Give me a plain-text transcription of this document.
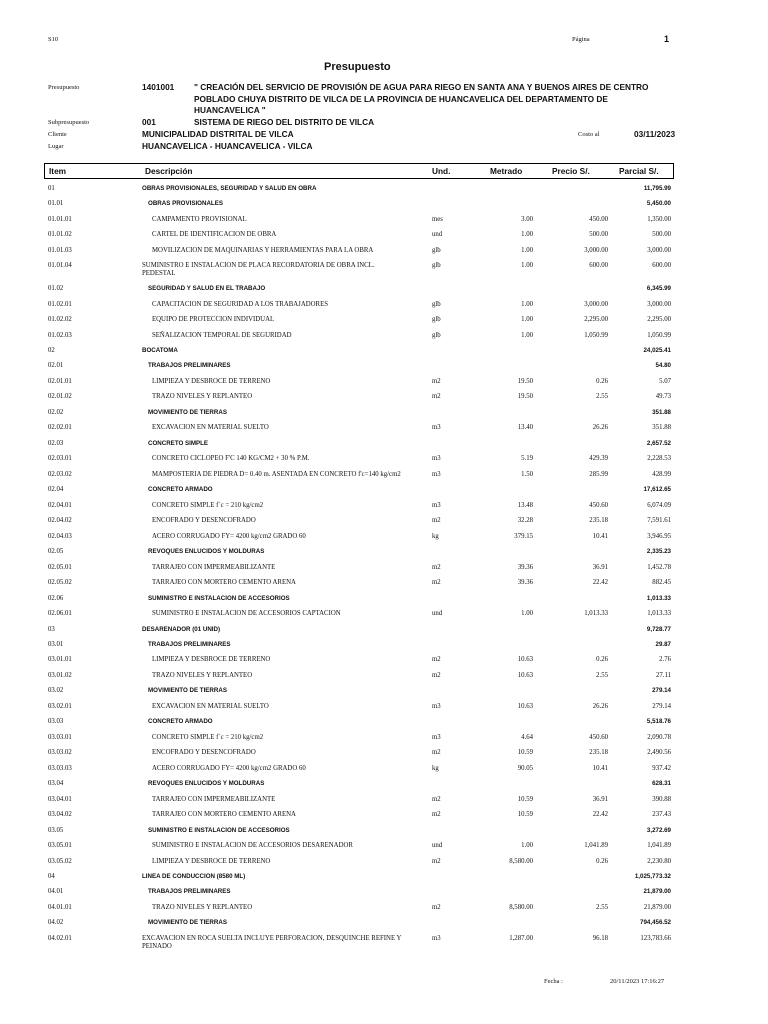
S10	Página	1
Presupuesto
Presupuesto	1401001 " CREACIÓN DEL SERVICIO DE PROVISIÓN DE AGUA PARA RIEGO EN SANTA ANA Y BUENOS AIRES DE CENTRO
POBLADO CHUYA DISTRITO DE VILCA DE LA PROVINCIA DE HUANCAVELICA DEL DEPARTAMENTO DE
HUANCAVELICA "
Subpresupuesto	001	SISTEMA DE RIEGO DEL DISTRITO DE VILCA
Cliente	MUNICIPALIDAD DISTRITAL DE VILCA	Costo al	03/11/2023
Lugar	HUANCAVELICA - HUANCAVELICA - VILCA
Item	Descripción	Und.	Metrado	Precio S/.	Parcial S/.
01	OBRAS PROVISIONALES, SEGURIDAD Y SALUD EN OBRA	11,795.99
01.01	OBRAS PROVISIONALES	5,450.00
01.01.01	CAMPAMENTO PROVISIONAL	mes	3.00	450.00	1,350.00
01.01.02	CARTEL DE IDENTIFICACION DE OBRA	und	1.00	500.00	500.00
01.01.03	MOVILIZACION DE MAQUINARIAS Y HERRAMIENTAS PARA LA OBRA	glb	1.00	3,000.00	3,000.00
01.01.04	SUMINISTRO E INSTALACION DE PLACA RECORDATORIA DE OBRA INCL. PEDESTAL
glb	1.00	600.00	600.00
01.02	SEGURIDAD Y SALUD EN EL TRABAJO	6,345.99
01.02.01	CAPACITACION DE SEGURIDAD A LOS TRABAJADORES	glb	1.00	3,000.00	3,000.00
01.02.02	EQUIPO DE PROTECCION INDIVIDUAL	glb	1.00	2,295.00	2,295.00
01.02.03	SEÑALIZACION TEMPORAL DE SEGURIDAD	glb	1.00	1,050.99	1,050.99
02	BOCATOMA	24,025.41
02.01	TRABAJOS PRELIMINARES	54.80
02.01.01	LIMPIEZA Y DESBROCE DE TERRENO	m2	19.50	0.26	5.07
02.01.02	TRAZO NIVELES Y REPLANTEO	m2	19.50	2.55	49.73
02.02	MOVIMIENTO DE TIERRAS	351.88
02.02.01	EXCAVACION EN MATERIAL SUELTO	m3	13.40	26.26	351.88
02.03	CONCRETO SIMPLE	2,657.52
02.03.01	CONCRETO CICLOPEO F'C 140 KG/CM2 + 30 % P.M.	m3	5.19	429.39	2,228.53
02.03.02	MAMPOSTERIA DE PIEDRA D= 0.40 m. ASENTADA EN CONCRETO f'c=140 kg/cm2	m3	1.50	285.99	428.99
02.04	CONCRETO ARMADO	17,612.65
02.04.01	CONCRETO SIMPLE f´c = 210 kg/cm2	m3	13.48	450.60	6,074.09
02.04.02	ENCOFRADO Y DESENCOFRADO	m2	32.28	235.18	7,591.61
02.04.03	ACERO CORRUGADO FY= 4200 kg/cm2 GRADO 60	kg	379.15	10.41	3,946.95
02.05	REVOQUES ENLUCIDOS Y MOLDURAS	2,335.23
02.05.01	TARRAJEO CON IMPERMEABILIZANTE	m2	39.36	36.91	1,452.78
02.05.02	TARRAJEO CON MORTERO CEMENTO ARENA	m2	39.36	22.42	882.45
02.06	SUMINISTRO E INSTALACION DE ACCESORIOS	1,013.33
02.06.01	SUMINISTRO E INSTALACION DE ACCESORIOS CAPTACION	und	1.00	1,013.33	1,013.33
03	DESARENADOR (01 UNID)	9,728.77
03.01	TRABAJOS PRELIMINARES	29.87
03.01.01	LIMPIEZA Y DESBROCE DE TERRENO	m2	10.63	0.26	2.76
03.01.02	TRAZO NIVELES Y REPLANTEO	m2	10.63	2.55	27.11
03.02	MOVIMIENTO DE TIERRAS	279.14
03.02.01	EXCAVACION EN MATERIAL SUELTO	m3	10.63	26.26	279.14
03.03	CONCRETO ARMADO	5,518.76
03.03.01	CONCRETO SIMPLE f´c = 210 kg/cm2	m3	4.64	450.60	2,090.78
03.03.02	ENCOFRADO Y DESENCOFRADO	m2	10.59	235.18	2,490.56
03.03.03	ACERO CORRUGADO FY= 4200 kg/cm2 GRADO 60	kg	90.05	10.41	937.42
03.04	REVOQUES ENLUCIDOS Y MOLDURAS	628.31
03.04.01	TARRAJEO CON IMPERMEABILIZANTE	m2	10.59	36.91	390.88
03.04.02	TARRAJEO CON MORTERO CEMENTO ARENA	m2	10.59	22.42	237.43
03.05	SUMINISTRO E INSTALACION DE ACCESORIOS	3,272.69
03.05.01	SUMINISTRO E INSTALACION DE ACCESORIOS DESARENADOR	und	1.00	1,041.89	1,041.89
03.05.02	LIMPIEZA Y DESBROCE DE TERRENO	m2	8,580.00	0.26	2,230.80
04	LINEA DE CONDUCCION (8580 ML)	1,025,773.32
04.01	TRABAJOS PRELIMINARES	21,879.00
04.01.01	TRAZO NIVELES Y REPLANTEO	m2	8,580.00	2.55	21,879.00
04.02	MOVIMIENTO DE TIERRAS	794,456.52
04.02.01	EXCAVACION EN ROCA SUELTA INCLUYE PERFORACION, DESQUINCHE REFINE Y PEINADO
m3	1,287.00	96.18	123,783.66
Fecha :	20/11/2023 17:16:27
